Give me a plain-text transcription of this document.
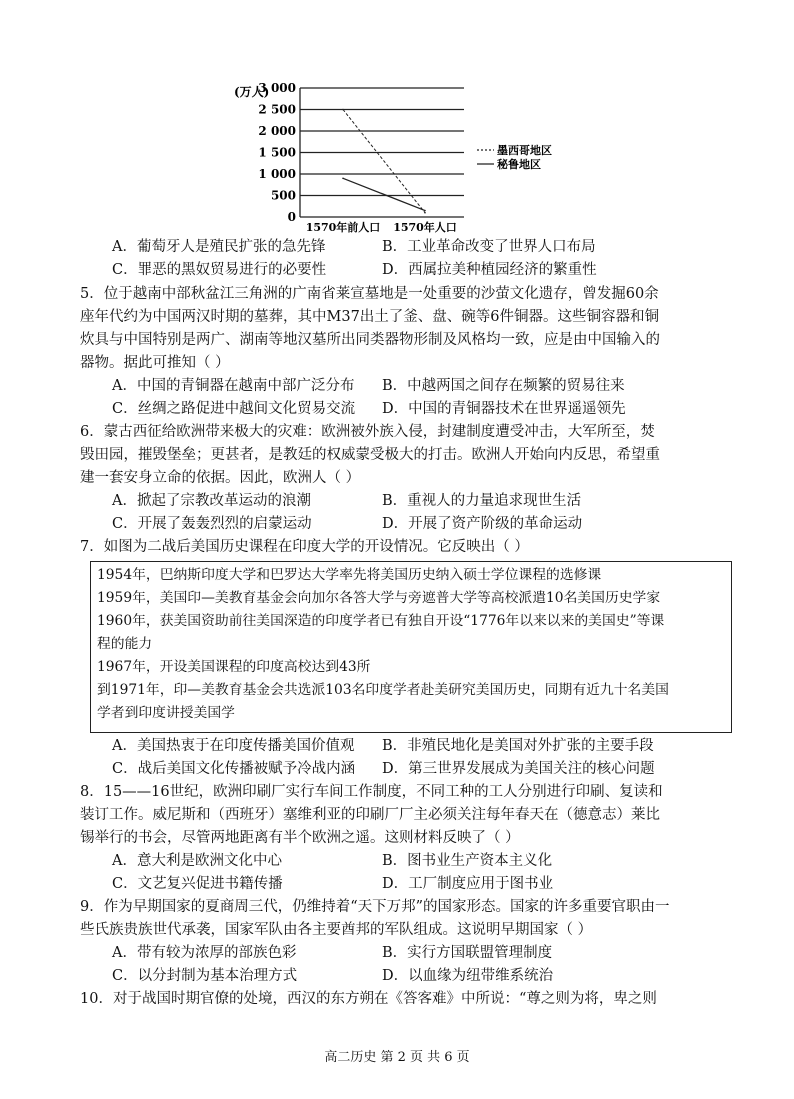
(万人)
3 000
2 500
2 000
1 500
1 000
500
0
1570年前人口 1570年人口
墨西哥地区
秘鲁地区
A．葡萄牙人是殖民扩张的急先锋	B．工业革命改变了世界人口布局
C．罪恶的黑奴贸易进行的必要性	D．西属拉美种植园经济的繁重性
5．位于越南中部秋盆江三角洲的广南省莱宣墓地是一处重要的沙萤文化遗存，曾发掘60余
座年代约为中国两汉时期的墓葬，其中M37出土了釜、盘、碗等6件铜器。这些铜容器和铜
炊具与中国特别是两广、湖南等地汉墓所出同类器物形制及风格均一致，应是由中国输入的
器物。据此可推知（ ）
A．中国的青铜器在越南中部广泛分布 B．中越两国之间存在频繁的贸易往来
C．丝绸之路促进中越间文化贸易交流 D．中国的青铜器技术在世界遥遥领先
6．蒙古西征给欧洲带来极大的灾难：欧洲被外族入侵，封建制度遭受冲击，大军所至，焚
毁田园，摧毁堡垒；更甚者，是教廷的权威蒙受极大的打击。欧洲人开始向内反思，希望重
建一套安身立命的依据。因此，欧洲人（ ）
A．掀起了宗教改革运动的浪潮	B．重视人的力量追求现世生活
C．开展了轰轰烈烈的启蒙运动	D．开展了资产阶级的革命运动
7．如图为二战后美国历史课程在印度大学的开设情况。它反映出（ ）
1954年，巴纳斯印度大学和巴罗达大学率先将美国历史纳入硕士学位课程的选修课
1959年，美国印—美教育基金会向加尔各答大学与旁遮普大学等高校派遣10名美国历史学家
1960年，获美国资助前往美国深造的印度学者已有独自开设“1776年以来以来的美国史”等课
程的能力
1967年，开设美国课程的印度高校达到43所
到1971年，印—美教育基金会共选派103名印度学者赴美研究美国历史，同期有近九十名美国
学者到印度讲授美国学
A．美国热衷于在印度传播美国价值观 B．非殖民地化是美国对外扩张的主要手段
C．战后美国文化传播被赋予冷战内涵 D．第三世界发展成为美国关注的核心问题
8．15——16世纪，欧洲印刷厂实行车间工作制度，不同工种的工人分别进行印刷、复读和
装订工作。威尼斯和（西班牙）塞维利亚的印刷厂厂主必须关注每年春天在（德意志）莱比
锡举行的书会，尽管两地距离有半个欧洲之遥。这则材料反映了（ ）
A．意大利是欧洲文化中心	B．图书业生产资本主义化
C．文艺复兴促进书籍传播	D．工厂制度应用于图书业
9．作为早期国家的夏商周三代，仍维持着“天下万邦”的国家形态。国家的许多重要官职由一
些氏族贵族世代承袭，国家军队由各主要酋邦的军队组成。这说明早期国家（ ）
A．带有较为浓厚的部族色彩	B．实行方国联盟管理制度
C．以分封制为基本治理方式	D．以血缘为纽带维系统治
10．对于战国时期官僚的处境，西汉的东方朔在《答客难》中所说：“尊之则为将，卑之则
高二历史 第 2 页 共 6 页
